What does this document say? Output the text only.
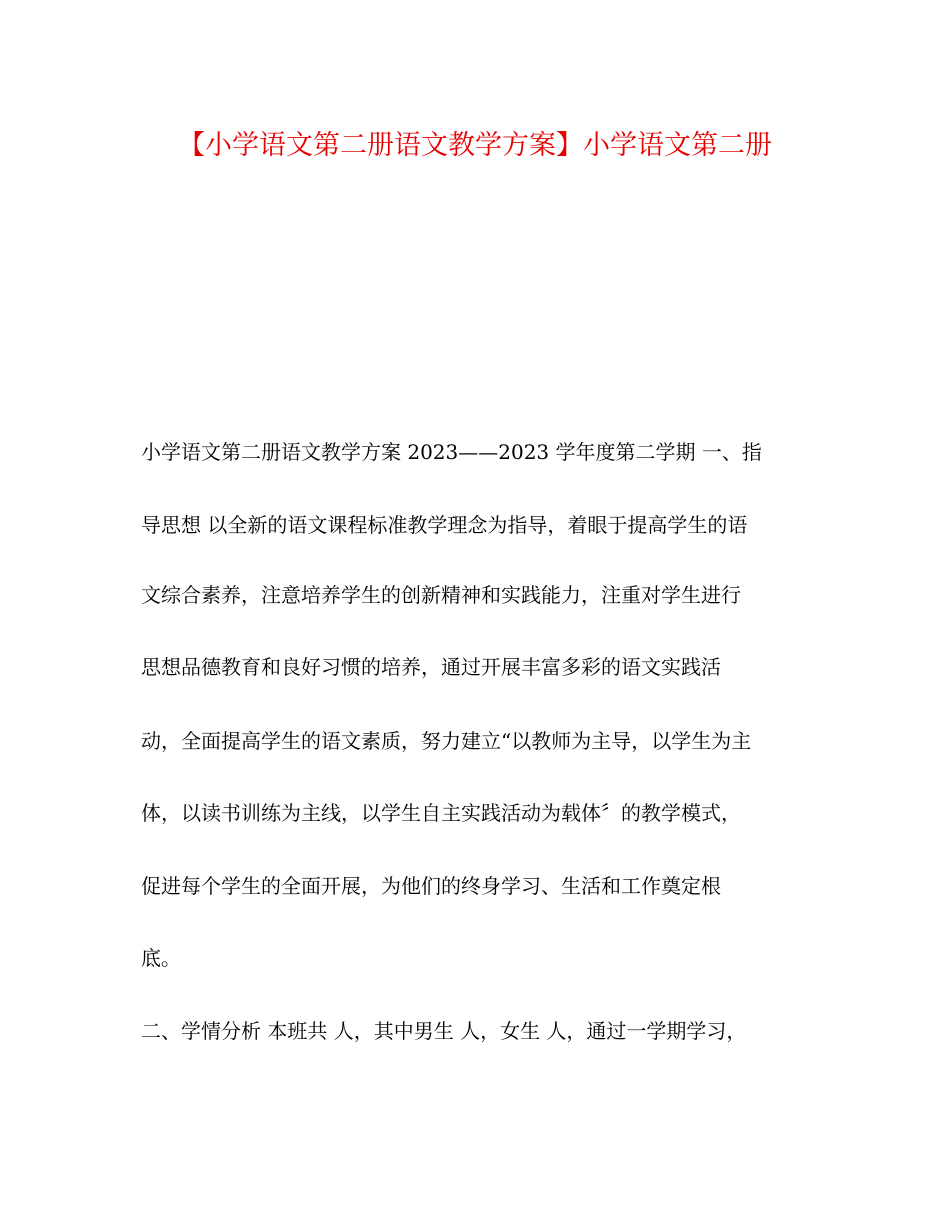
【小学语文第二册语文教学方案】小学语文第二册
小学语文第二册语文教学方案 2023——2023 学年度第二学期 一、指
导思想 以全新的语文课程标准教学理念为指导，着眼于提高学生的语
文综合素养，注意培养学生的创新精神和实践能力，注重对学生进行
思想品德教育和良好习惯的培养，通过开展丰富多彩的语文实践活
动，全面提高学生的语文素质，努力建立“以教师为主导，以学生为主
体，以读书训练为主线，以学生自主实践活动为载体〞的教学模式，
促进每个学生的全面开展，为他们的终身学习、生活和工作奠定根
底。
二、学情分析 本班共 人，其中男生 人，女生 人，通过一学期学习，
